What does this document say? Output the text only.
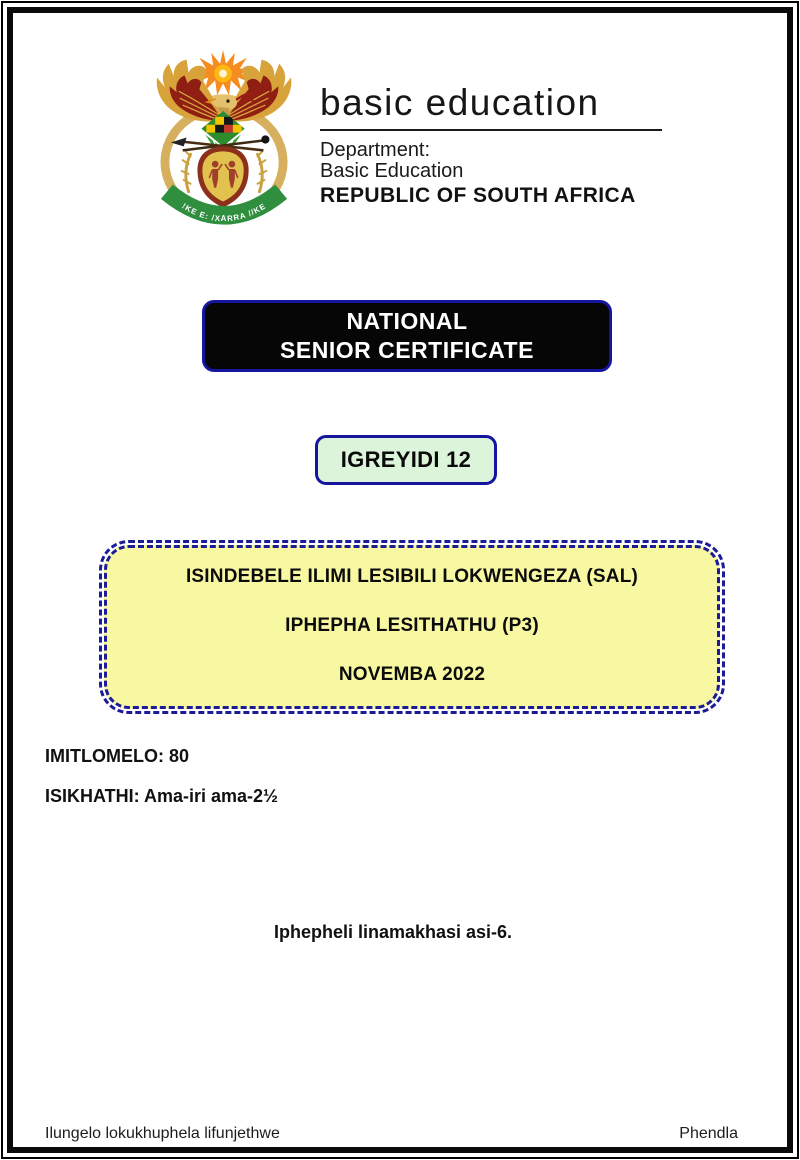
!KE E: /XARRA //KE
basic education
Department:
Basic Education
REPUBLIC OF SOUTH AFRICA
NATIONAL
SENIOR CERTIFICATE
IGREYIDI 12

ISINDEBELE ILIMI LESIBILI LOKWENGEZA (SAL)

IPHEPHA LESITHATHU (P3)

NOVEMBA 2022

IMITLOMELO: 80
ISIKHATHI: Ama-iri ama-2½
Iphepheli linamakhasi asi-6.
Ilungelo lokukhuphela lifunjethwe	Phendla
